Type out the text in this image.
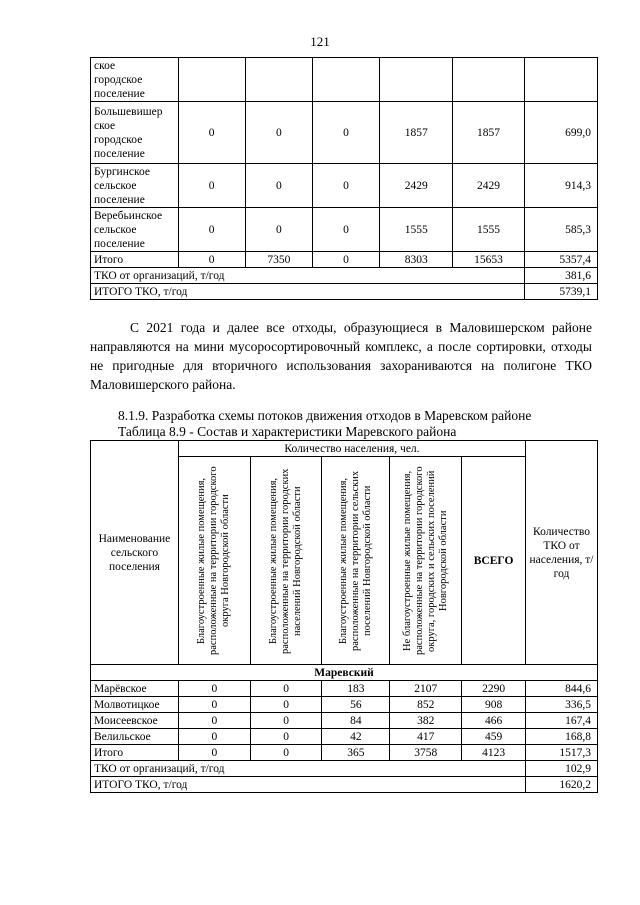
121
ское
городское
поселение						
Большевишер
ское
городское
поселение	0	0	0	1857	1857	699,0
Бургинское
сельское
поселение	0	0	0	2429	2429	914,3
Веребьинское
сельское
поселение	0	0	0	1555	1555	585,3
Итого	0	7350	0	8303	15653	5357,4
ТКО от организаций, т/год						381,6
ИТОГО ТКО, т/год						5739,1
С 2021 года и далее все отходы, образующиеся в Маловишерском районе направляются на мини мусоросортировочный комплекс, а после сортировки, отходы не пригодные для вторичного использования захораниваются на полигоне ТКО Маловишерского района.
8.1.9. Разработка схемы потоков движения отходов в Маревском районе
Таблица 8.9 - Состав и характеристики Маревского района
Наименование сельского поселения	Количество населения, чел.					Количество ТКО от населения, т/год

	Благоустроенные жилые помещения, расположенные на территории городского округа Новгородской области	Благоустроенные жилые помещения, расположенные на территории городских населений Новгородской области	Благоустроенные жилые помещения, расположенные на территории сельских поселений Новгородской области	Не благоустроенные жилые помещения, расположенные на территории городского округа, городских и сельских поселений Новгородской области	ВСЕГО	
Маревский						
Марёвское	0	0	183	2107	2290	844,6
Молвотицкое	0	0	56	852	908	336,5
Моисеевское	0	0	84	382	466	167,4
Велильское	0	0	42	417	459	168,8
Итого	0	0	365	3758	4123	1517,3
ТКО от организаций, т/год						102,9
ИТОГО ТКО, т/год						1620,2
